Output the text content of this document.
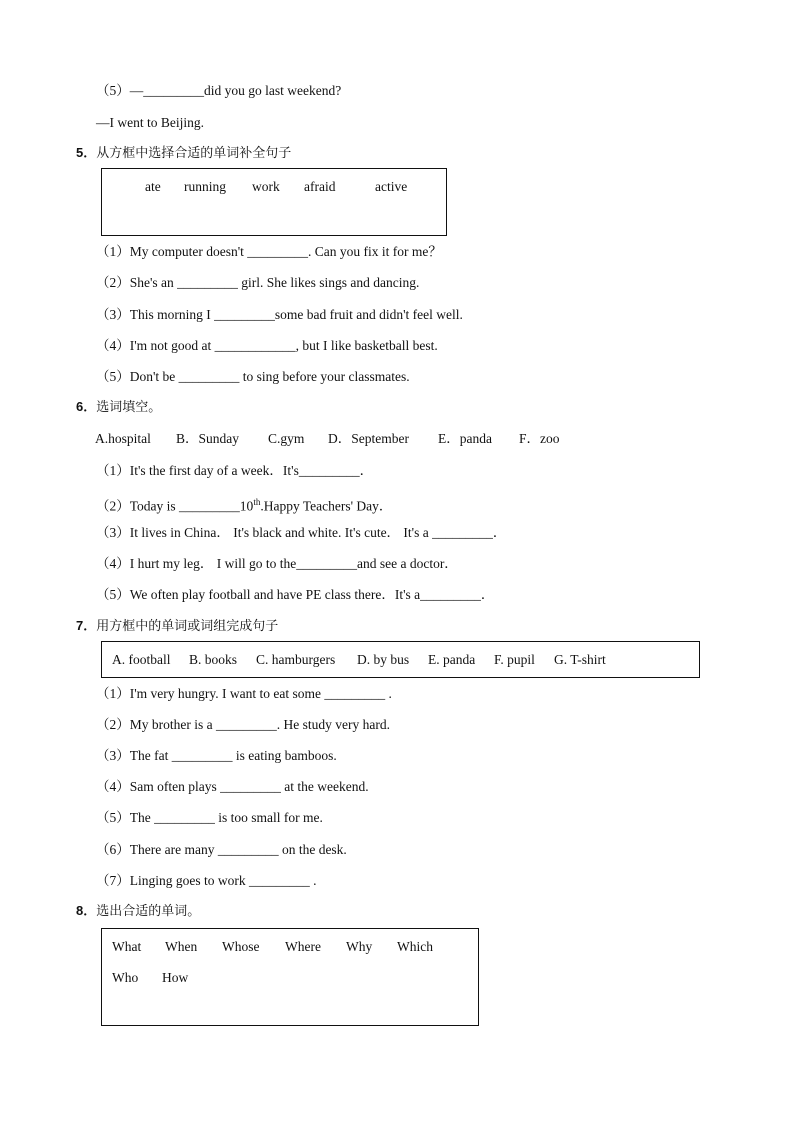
（5）—_________did you go last weekend?
—I went to Beijing.
5．从方框中选择合适的单词补全句子
ate running work afraid	active
（1）My computer doesn't _________. Can you fix it for me？
（2）She's an _________ girl. She likes sings and dancing.
（3）This morning I _________some bad fruit and didn't feel well.
（4）I'm not good at ____________, but I like basketball best.
（5）Don't be _________ to sing before your classmates.
6．选词填空。
A.hospital B．Sunday C.gym D．September E．panda F．zoo
（1）It's the first day of a week．It's_________．
（2）Today is _________10th.Happy Teachers' Day．
（3）It lives in China． It's black and white. It's cute． It's a _________．
（4）I hurt my leg． I will go to the_________and see a doctor．
（5）We often play football and have PE class there．It's a_________．
7．用方框中的单词或词组完成句子
A. football B. books C. hamburgers D. by bus E. panda F. pupil G. T-shirt
（1）I'm very hungry. I want to eat some _________ .
（2）My brother is a _________. He study very hard.
（3）The fat _________ is eating bamboos.
（4）Sam often plays _________ at the weekend.
（5）The _________ is too small for me.
（6）There are many _________ on the desk.
（7）Linging goes to work _________ .
8．选出合适的单词。
What When Whose Where Why Which
Who How
